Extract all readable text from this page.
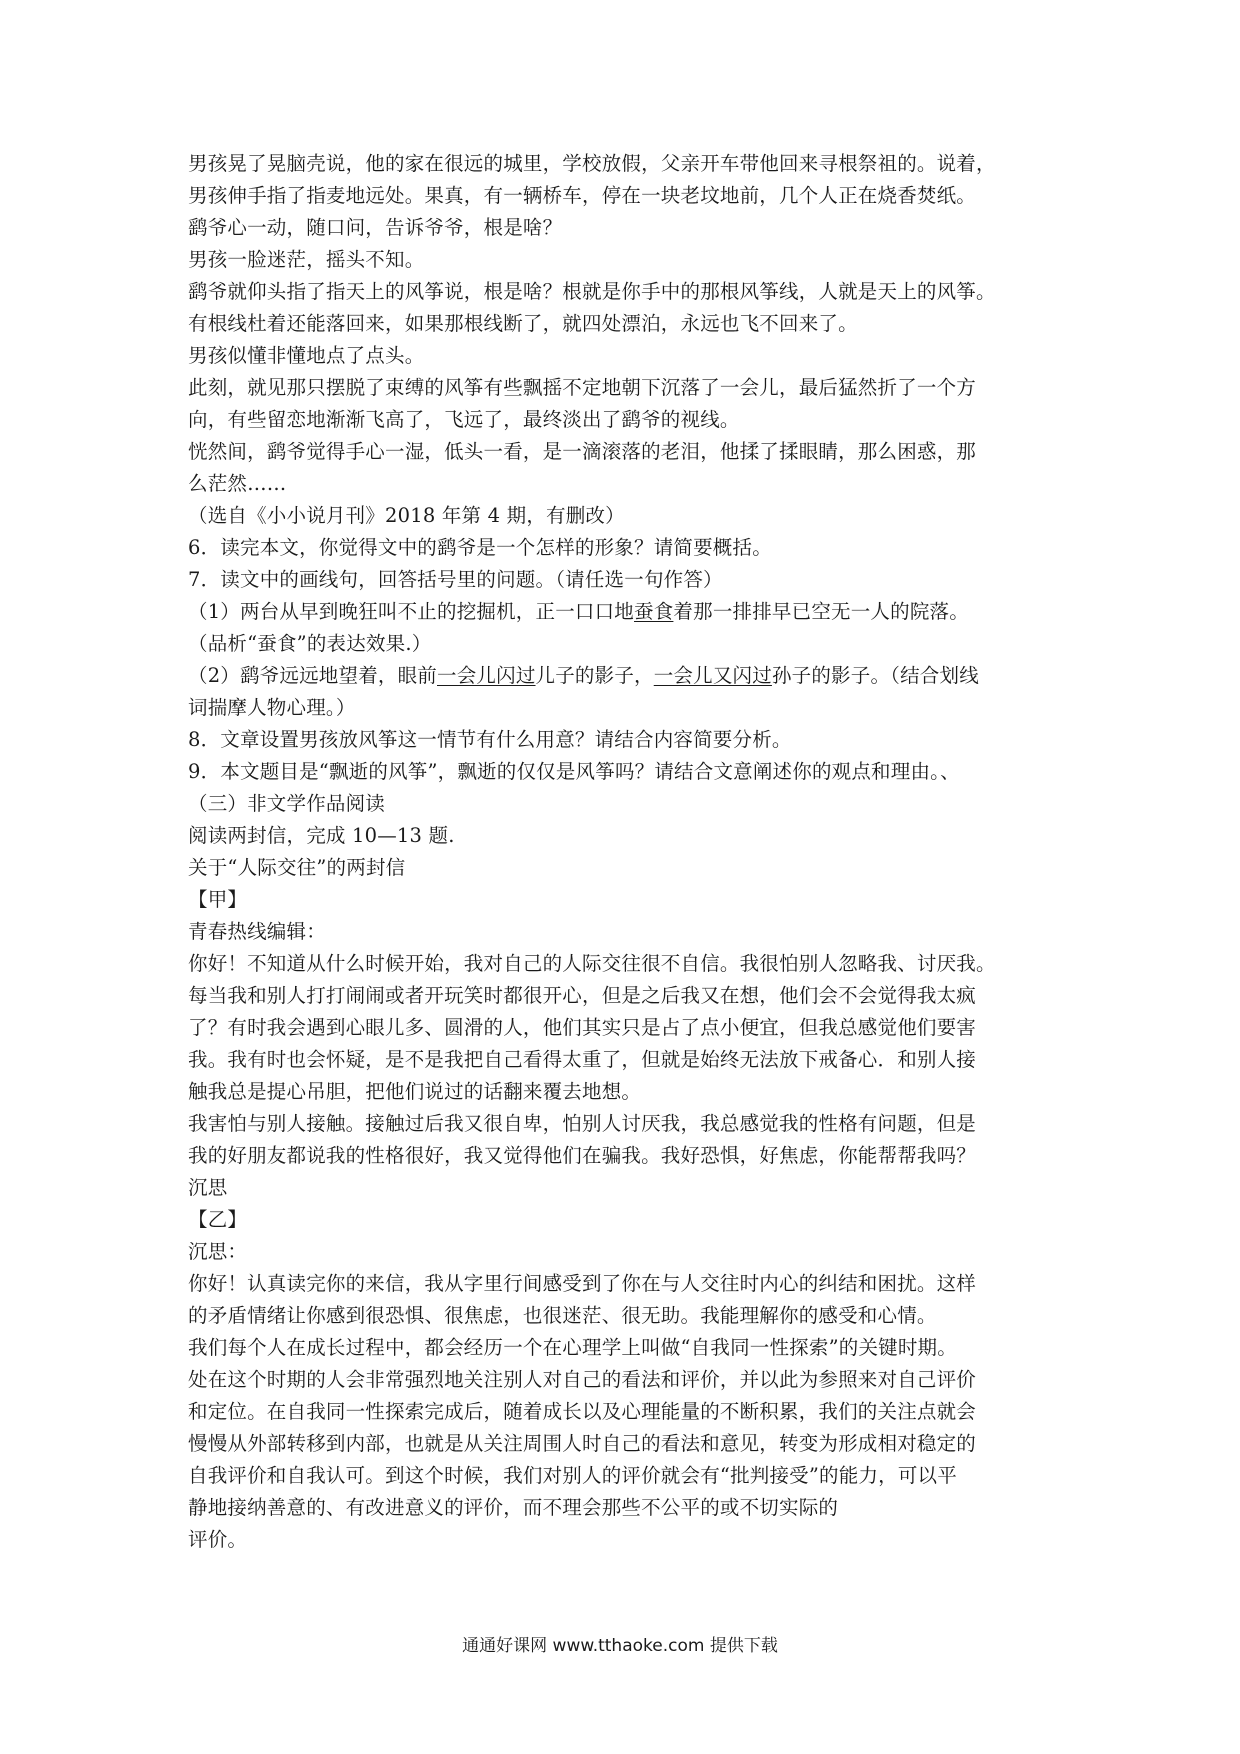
男孩晃了晃脑壳说，他的家在很远的城里，学校放假，父亲开车带他回来寻根祭祖的。说着，
男孩伸手指了指麦地远处。果真，有一辆桥车，停在一块老坟地前，几个人正在烧香焚纸。
鹞爷心一动，随口问，告诉爷爷，根是啥？
男孩一脸迷茫，摇头不知。
鹞爷就仰头指了指天上的风筝说，根是啥？根就是你手中的那根风筝线，人就是天上的风筝。
有根线杜着还能落回来，如果那根线断了，就四处漂泊，永远也飞不回来了。
男孩似懂非懂地点了点头。
此刻，就见那只摆脱了束缚的风筝有些飘摇不定地朝下沉落了一会儿，最后猛然折了一个方
向，有些留恋地渐渐飞高了，飞远了，最终淡出了鹞爷的视线。
恍然间，鹞爷觉得手心一湿，低头一看，是一滴滚落的老泪，他揉了揉眼睛，那么困惑，那
么茫然……
（选自《小小说月刊》2018 年第 4 期，有删改）
6．读完本文，你觉得文中的鹞爷是一个怎样的形象？请简要概括。
7．读文中的画线句，回答括号里的问题。（请任选一句作答）
（1）两台从早到晚狂叫不止的挖掘机，正一口口地蚕食着那一排排早已空无一人的院落。
（品析“蚕食”的表达效果.）
（2）鹞爷远远地望着，眼前一会儿闪过儿子的影子，一会儿又闪过孙子的影子。（结合划线
词揣摩人物心理。）
8．文章设置男孩放风筝这一情节有什么用意？请结合内容简要分析。
9．本文题目是“飘逝的风筝”，飘逝的仅仅是风筝吗？请结合文意阐述你的观点和理由。、
（三）非文学作品阅读
阅读两封信，完成 10—13 题.
关于“人际交往”的两封信
【甲】
青春热线编辑：
你好！不知道从什么时候开始，我对自己的人际交往很不自信。我很怕别人忽略我、讨厌我。
每当我和别人打打闹闹或者开玩笑时都很开心，但是之后我又在想，他们会不会觉得我太疯
了？有时我会遇到心眼儿多、圆滑的人，他们其实只是占了点小便宜，但我总感觉他们要害
我。我有时也会怀疑，是不是我把自己看得太重了，但就是始终无法放下戒备心．和别人接
触我总是提心吊胆，把他们说过的话翻来覆去地想。
我害怕与别人接触。接触过后我又很自卑，怕别人讨厌我，我总感觉我的性格有问题，但是
我的好朋友都说我的性格很好，我又觉得他们在骗我。我好恐惧，好焦虑，你能帮帮我吗？
沉思
【乙】
沉思：
你好！认真读完你的来信，我从字里行间感受到了你在与人交往时内心的纠结和困扰。这样
的矛盾情绪让你感到很恐惧、很焦虑，也很迷茫、很无助。我能理解你的感受和心情。
我们每个人在成长过程中，都会经历一个在心理学上叫做“自我同一性探索”的关键时期。
处在这个时期的人会非常强烈地关注别人对自己的看法和评价，并以此为参照来对自己评价
和定位。在自我同一性探索完成后，随着成长以及心理能量的不断积累，我们的关注点就会
慢慢从外部转移到内部，也就是从关注周围人时自己的看法和意见，转变为形成相对稳定的
自我评价和自我认可。到这个时候，我们对别人的评价就会有“批判接受”的能力，可以平
静地接纳善意的、有改进意义的评价，而不理会那些不公平的或不切实际的
评价。
通通好课网 www.tthaoke.com 提供下载
